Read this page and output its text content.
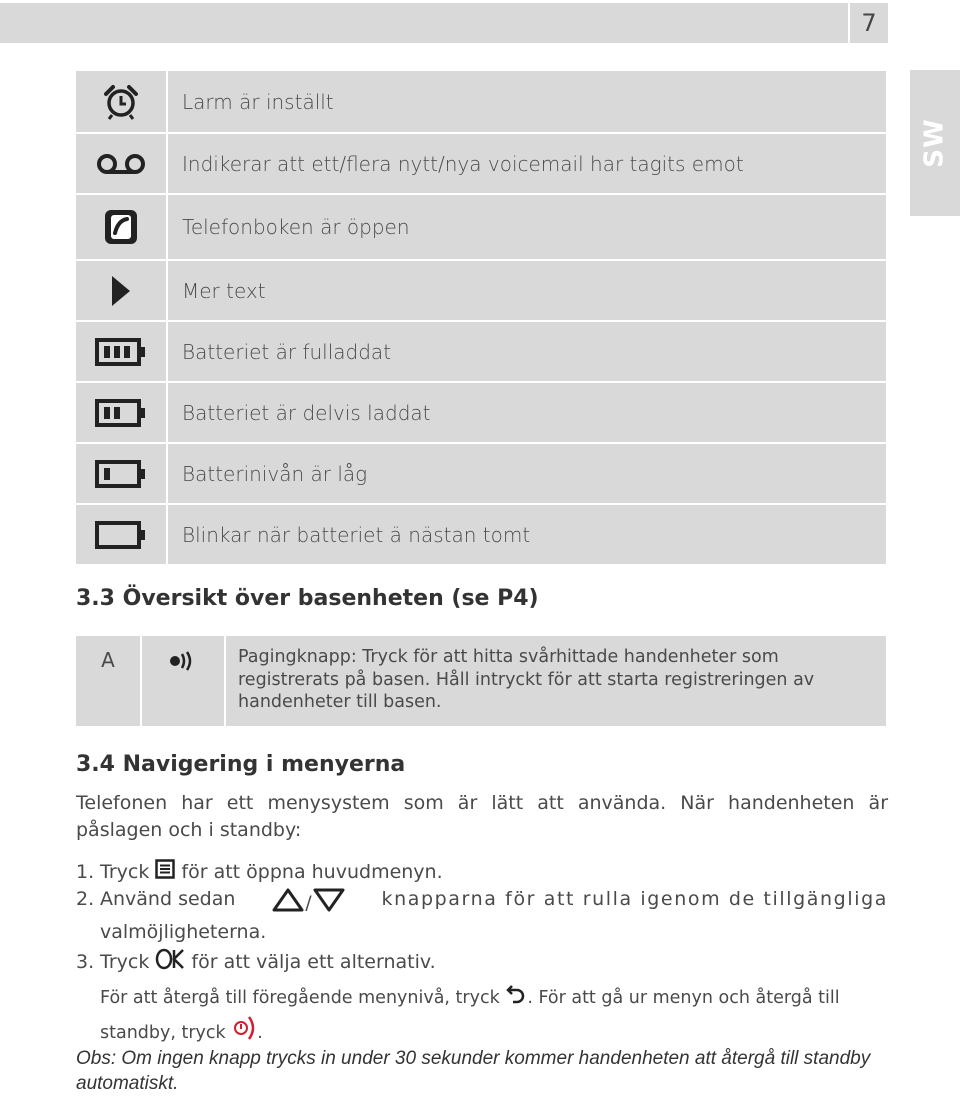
7
SW
Larm är inställt
Indikerar att ett/flera nytt/nya voicemail har tagits emot
Telefonboken är öppen
Mer text
Batteriet är fulladdat
Batteriet är delvis laddat
Batterinivån är låg
Blinkar när batteriet ä nästan tomt
3.3 Översikt över basenheten (se P4)
A	Pagingknapp: Tryck för att hitta svårhittade handenheter som registrerats på basen. Håll intryckt för att starta registreringen av handenheter till basen.
3.4 Navigering i menyerna
Telefonen har ett menysystem som är lätt att använda. När handenheten är
påslagen och i standby:
1. Tryck för att öppna huvudmenyn.
2. Använd sedan	/	knapparna för att rulla igenom de tillgängliga
valmöjligheterna.
3. Tryck för att välja ett alternativ.
För att återgå till föregående menynivå, tryck . För att gå ur menyn och återgå till
standby, tryck .
Obs: Om ingen knapp trycks in under 30 sekunder kommer handenheten att återgå till standby automatiskt.
